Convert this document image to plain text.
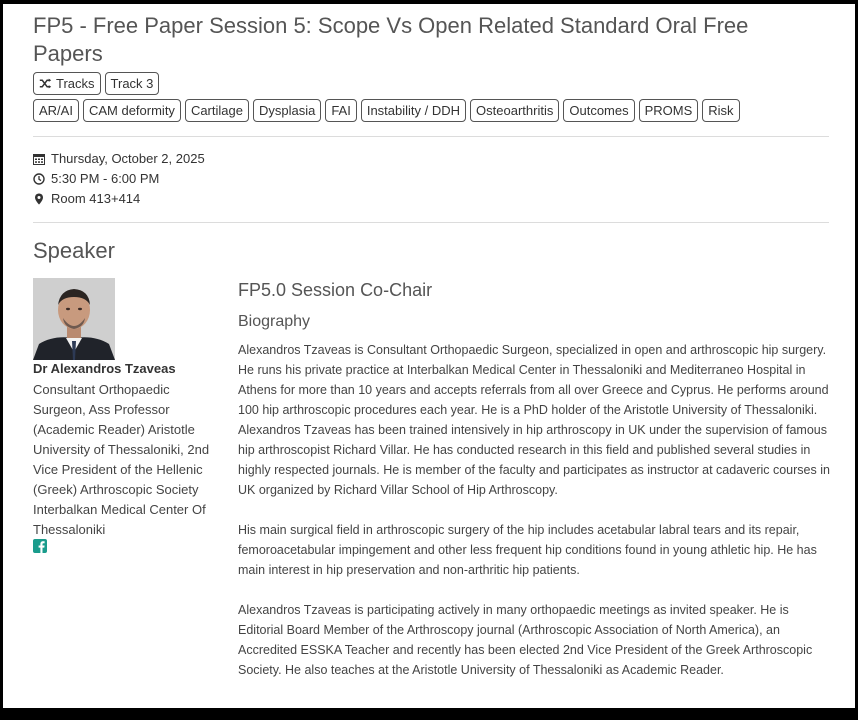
FP5 - Free Paper Session 5: Scope Vs Open Related Standard Oral Free Papers
Tracks	Track 3
AR/AI	CAM deformity	Cartilage	Dysplasia	FAI	Instability / DDH	Osteoarthritis	Outcomes	PROMS	Risk
Thursday, October 2, 2025
5:30 PM - 6:00 PM
Room 413+414
Speaker
Dr Alexandros Tzaveas
Consultant Orthopaedic Surgeon, Ass Professor (Academic Reader) Aristotle University of Thessaloniki, 2nd Vice President of the Hellenic (Greek) Arthroscopic Society Interbalkan Medical Center Of Thessaloniki
FP5.0 Session Co-Chair
Biography

Alexandros Tzaveas is Consultant Orthopaedic Surgeon, specialized in open and arthroscopic hip surgery. He runs his private practice at Interbalkan Medical Center in Thessaloniki and Mediterraneo Hospital in Athens for more than 10 years and accepts referrals from all over Greece and Cyprus. He performs around 100 hip arthroscopic procedures each year. He is a PhD holder of the Aristotle University of Thessaloniki.

Alexandros Tzaveas has been trained intensively in hip arthroscopy in UK under the supervision of famous hip arthroscopist Richard Villar. He has conducted research in this field and published several studies in highly respected journals. He is member of the faculty and participates as instructor at cadaveric courses in UK organized by Richard Villar School of Hip Arthroscopy.

His main surgical field in arthroscopic surgery of the hip includes acetabular labral tears and its repair, femoroacetabular impingement and other less frequent hip conditions found in young athletic hip. He has main interest in hip preservation and non-arthritic hip patients.

Alexandros Tzaveas is participating actively in many orthopaedic meetings as invited speaker. He is Editorial Board Member of the Arthroscopy journal (Arthroscopic Association of North America), an Accredited ESSKA Teacher and recently has been elected 2nd Vice President of the Greek Arthroscopic Society. He also teaches at the Aristotle University of Thessaloniki as Academic Reader.
